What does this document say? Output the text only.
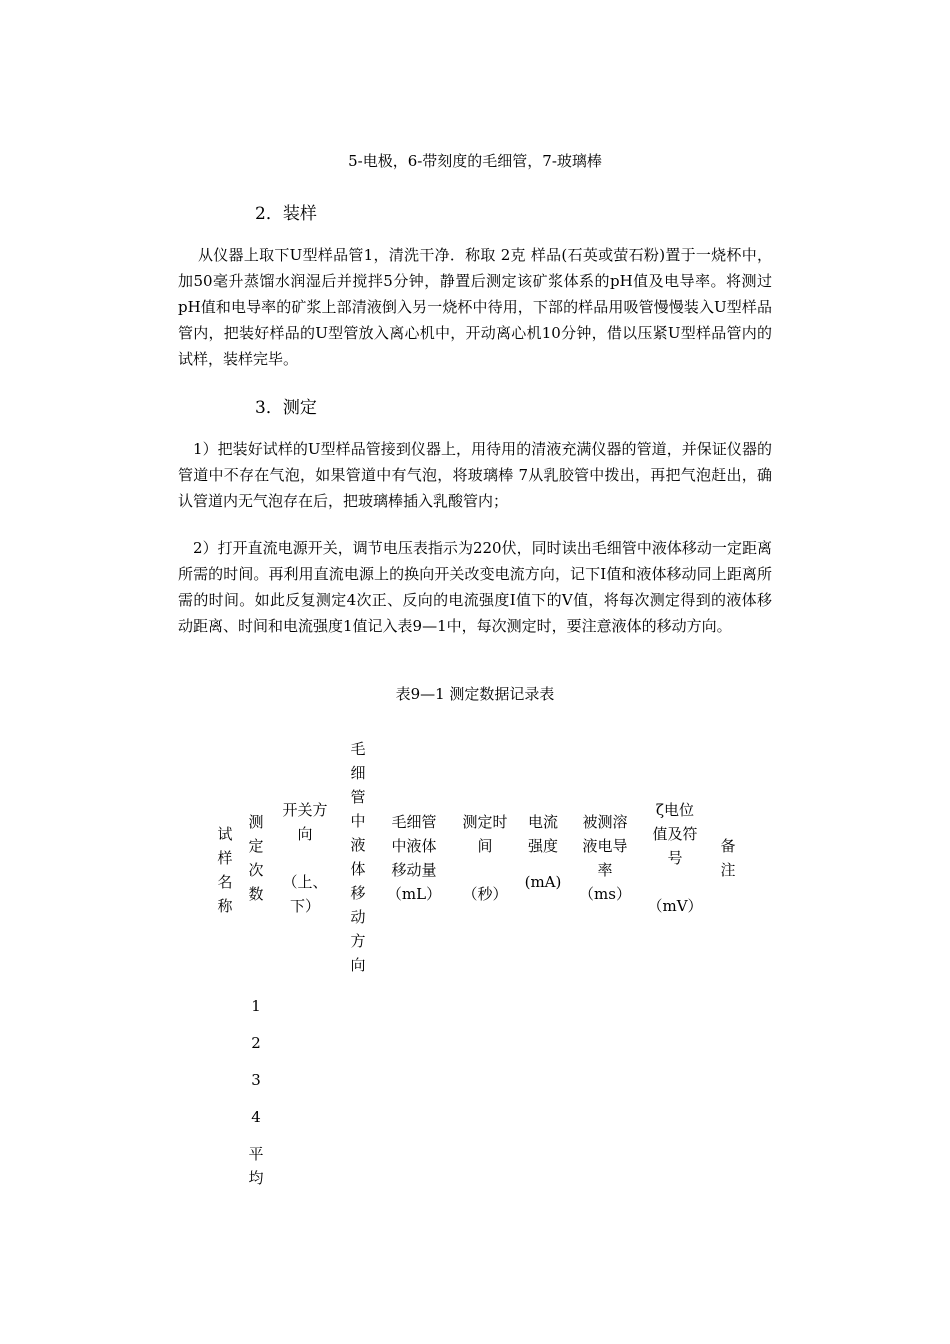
5-电极，6-带刻度的毛细管，7-玻璃棒
2．装样
从仪器上取下U型样品管1，清洗干净．称取 2克 样品(石英或萤石粉)置于一烧杯中，加50毫升蒸馏水润湿后并搅拌5分钟，静置后测定该矿浆体系的pH值及电导率。将测过pH值和电导率的矿浆上部清液倒入另一烧杯中待用，下部的样品用吸管慢慢装入U型样品管内，把装好样品的U型管放入离心机中，开动离心机10分钟，借以压紧U型样品管内的试样，装样完毕。
3．测定
1）把装好试样的U型样品管接到仪器上，用待用的清液充满仪器的管道，并保证仪器的管道中不存在气泡，如果管道中有气泡，将玻璃棒 7从乳胶管中拨出，再把气泡赶出，确认管道内无气泡存在后，把玻璃棒插入乳酸管内；
2）打开直流电源开关，调节电压表指示为220伏，同时读出毛细管中液体移动一定距离所需的时间。再利用直流电源上的换向开关改变电流方向，记下I值和液体移动同上距离所需的时间。如此反复测定4次正、反向的电流强度I值下的V值，将每次测定得到的液体移动距离、时间和电流强度1值记入表9—1中，每次测定时，要注意液体的移动方向。
表9—1 测定数据记录表
试
样
名
称
测
定
次
数
开关方
向
（上、
下）
毛
细
管
中
液
体
移
动
方
向
毛细管
中液体
移动量
（mL）
测定时
间
（秒）
电流
强度
(mA)
被测溶
液电导
率
（ms）
ζ电位
值及符
号
（mV）
备
注
1
2
3
4
平
均
